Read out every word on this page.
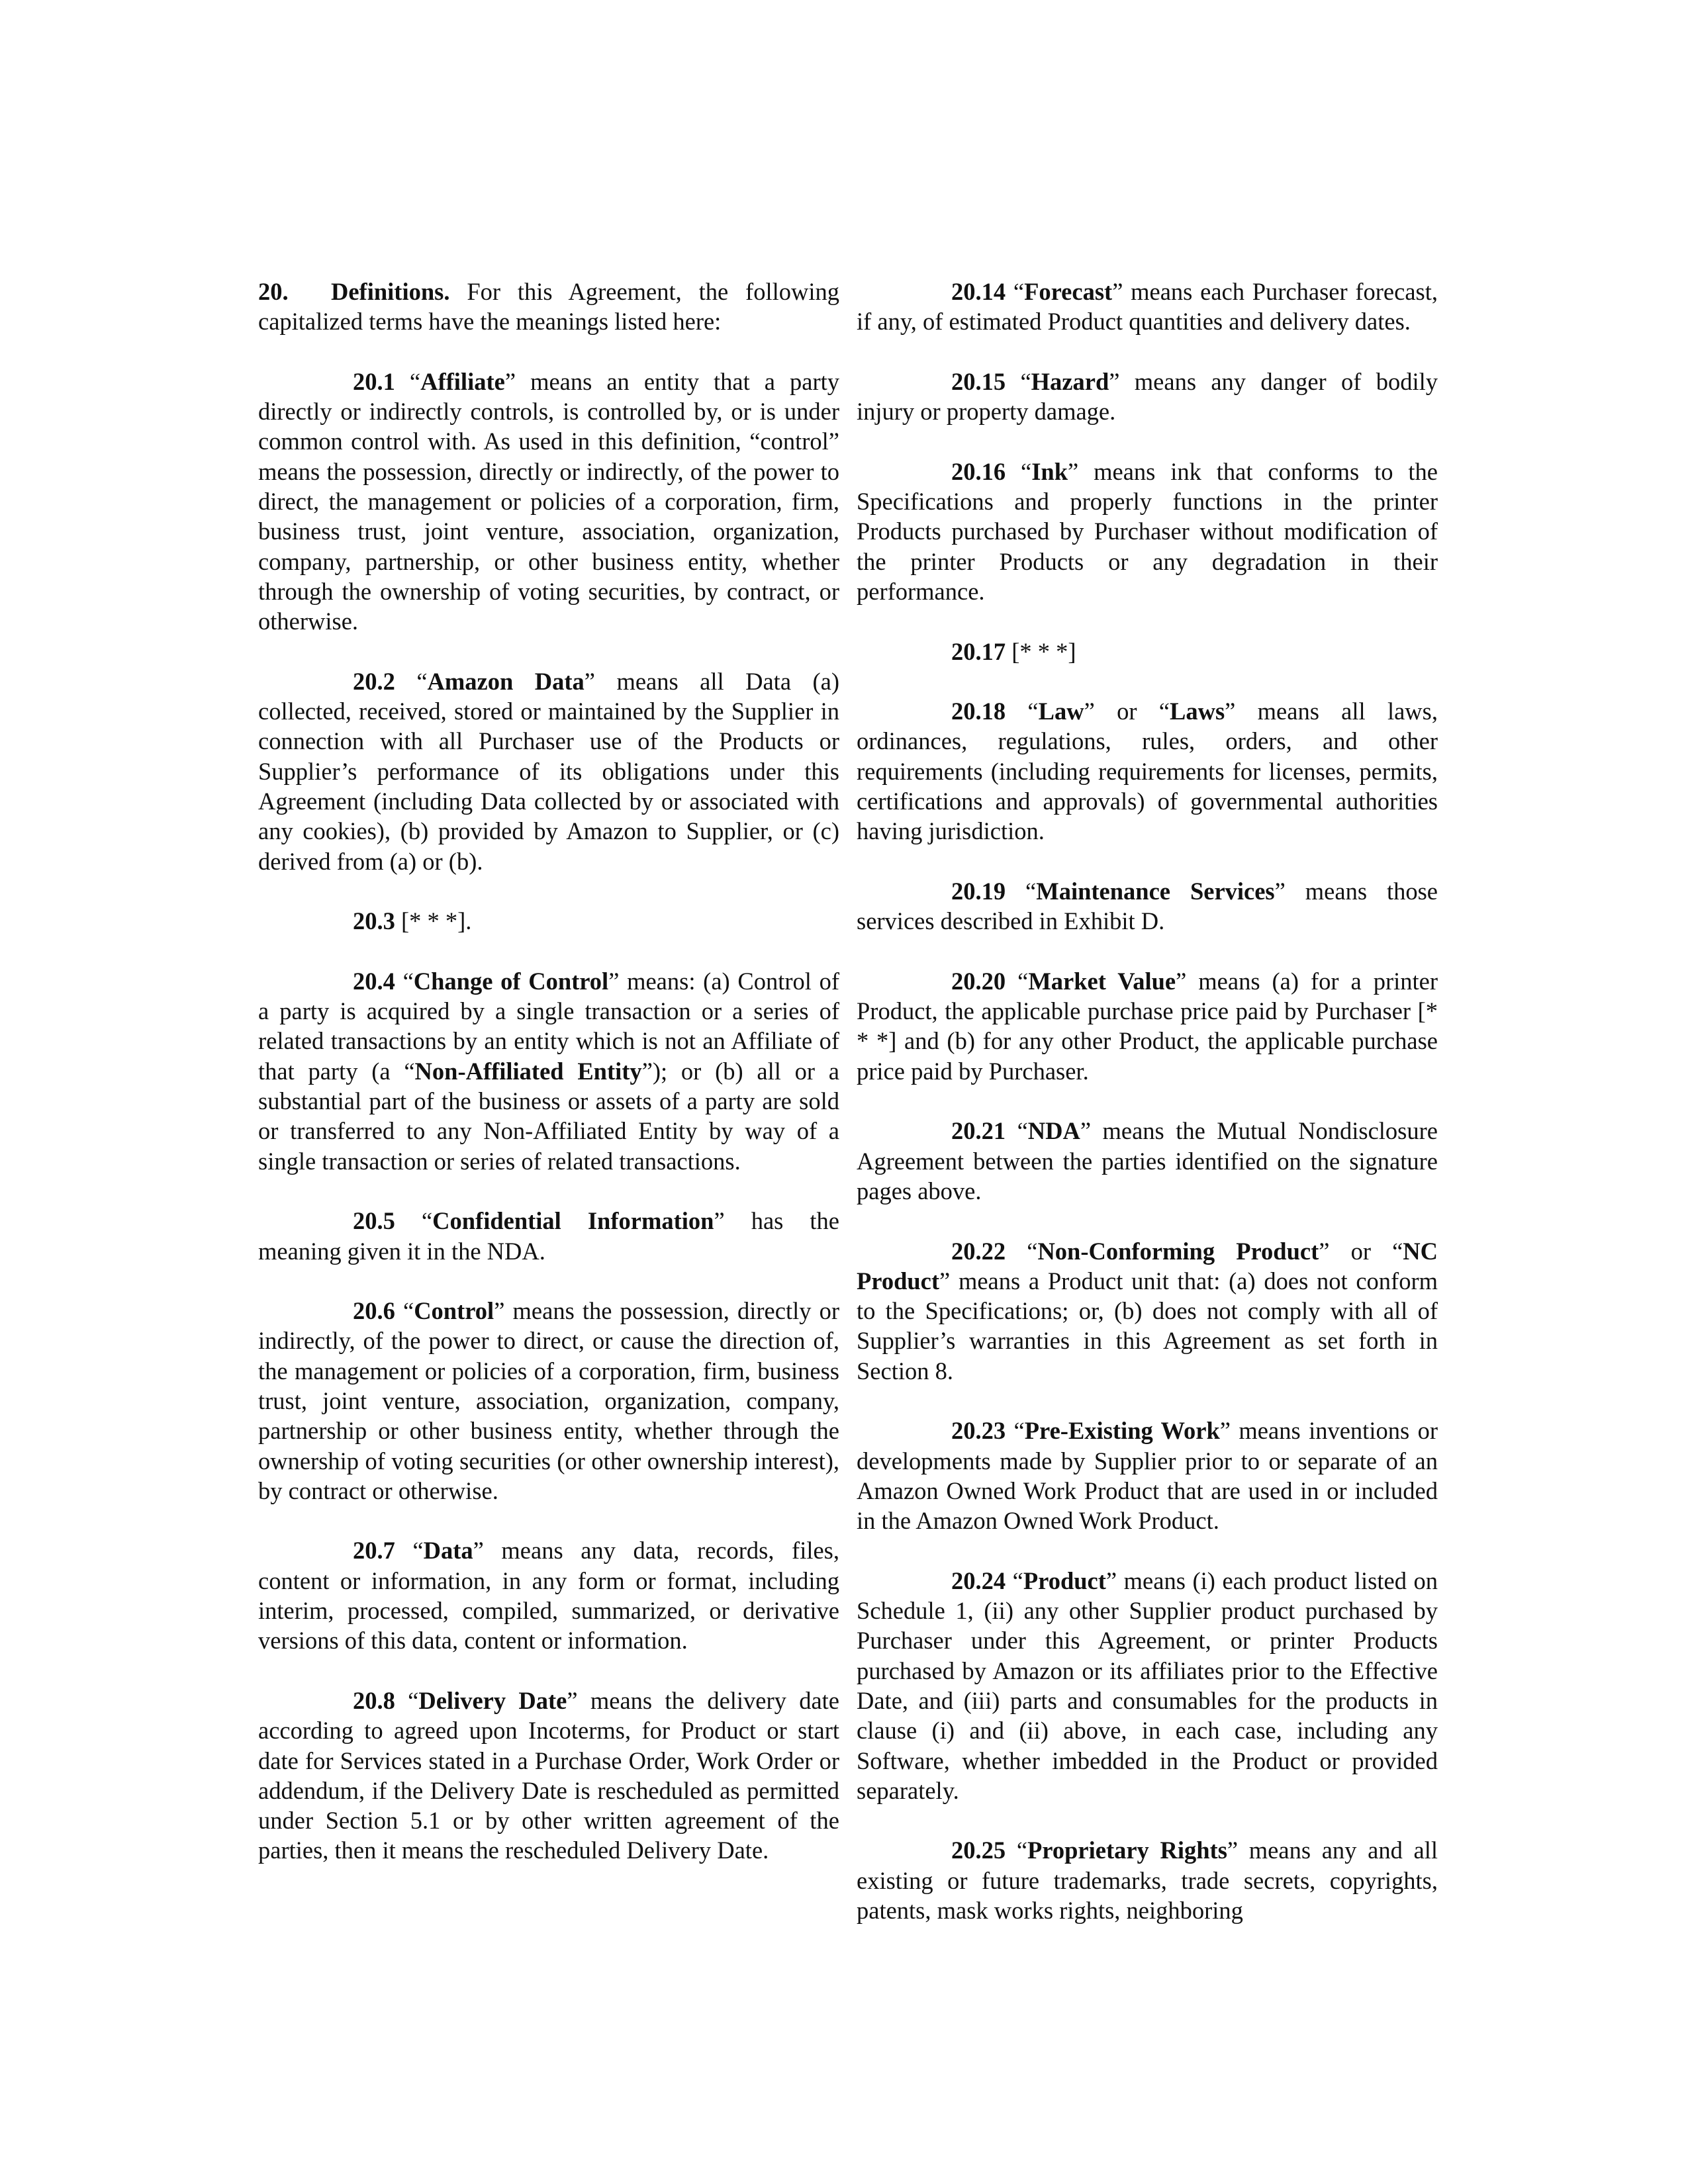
20. Definitions. For this Agreement, the following capitalized terms have the meanings listed here:

20.1 “Affiliate” means an entity that a party directly or indirectly controls, is controlled by, or is under common control with. As used in this definition, “control” means the possession, directly or indirectly, of the power to direct, the management or policies of a corporation, firm, business trust, joint venture, association, organization, company, partnership, or other business entity, whether through the ownership of voting securities, by contract, or otherwise.

20.2 “Amazon Data” means all Data (a) collected, received, stored or maintained by the Supplier in connection with all Purchaser use of the Products or Supplier’s performance of its obligations under this Agreement (including Data collected by or associated with any cookies), (b) provided by Amazon to Supplier, or (c) derived from (a) or (b).

20.3 [* * *].

20.4 “Change of Control” means: (a) Control of a party is acquired by a single transaction or a series of related transactions by an entity which is not an Affiliate of that party (a “Non-Affiliated Entity”); or (b) all or a substantial part of the business or assets of a party are sold or transferred to any Non-Affiliated Entity by way of a single transaction or series of related transactions.

20.5 “Confidential Information” has the meaning given it in the NDA.

20.6 “Control” means the possession, directly or indirectly, of the power to direct, or cause the direction of, the management or policies of a corporation, firm, business trust, joint venture, association, organization, company, partnership or other business entity, whether through the ownership of voting securities (or other ownership interest), by contract or otherwise.

20.7 “Data” means any data, records, files, content or information, in any form or format, including interim, processed, compiled, summarized, or derivative versions of this data, content or information.

20.8 “Delivery Date” means the delivery date according to agreed upon Incoterms, for Product or start date for Services stated in a Purchase Order, Work Order or addendum, if the Delivery Date is rescheduled as permitted under Section 5.1 or by other written agreement of the parties, then it means the rescheduled Delivery Date.

20.14 “Forecast” means each Purchaser forecast, if any, of estimated Product quantities and delivery dates.

20.15 “Hazard” means any danger of bodily injury or property damage.

20.16 “Ink” means ink that conforms to the Specifications and properly functions in the printer Products purchased by Purchaser without modification of the printer Products or any degradation in their performance.

20.17 [* * *]

20.18 “Law” or “Laws” means all laws, ordinances, regulations, rules, orders, and other requirements (including requirements for licenses, permits, certifications and approvals) of governmental authorities having jurisdiction.

20.19 “Maintenance Services” means those services described in Exhibit D.

20.20 “Market Value” means (a) for a printer Product, the applicable purchase price paid by Purchaser [* * *] and (b) for any other Product, the applicable purchase price paid by Purchaser.

20.21 “NDA” means the Mutual Nondisclosure Agreement between the parties identified on the signature pages above.

20.22 “Non-Conforming Product” or “NC Product” means a Product unit that: (a) does not conform to the Specifications; or, (b) does not comply with all of Supplier’s warranties in this Agreement as set forth in Section 8.

20.23 “Pre-Existing Work” means inventions or developments made by Supplier prior to or separate of an Amazon Owned Work Product that are used in or included in the Amazon Owned Work Product.

20.24 “Product” means (i) each product listed on Schedule 1, (ii) any other Supplier product purchased by Purchaser under this Agreement, or printer Products purchased by Amazon or its affiliates prior to the Effective Date, and (iii) parts and consumables for the products in clause (i) and (ii) above, in each case, including any Software, whether imbedded in the Product or provided separately.

20.25 “Proprietary Rights” means any and all existing or future trademarks, trade secrets, copyrights, patents, mask works rights, neighboring
